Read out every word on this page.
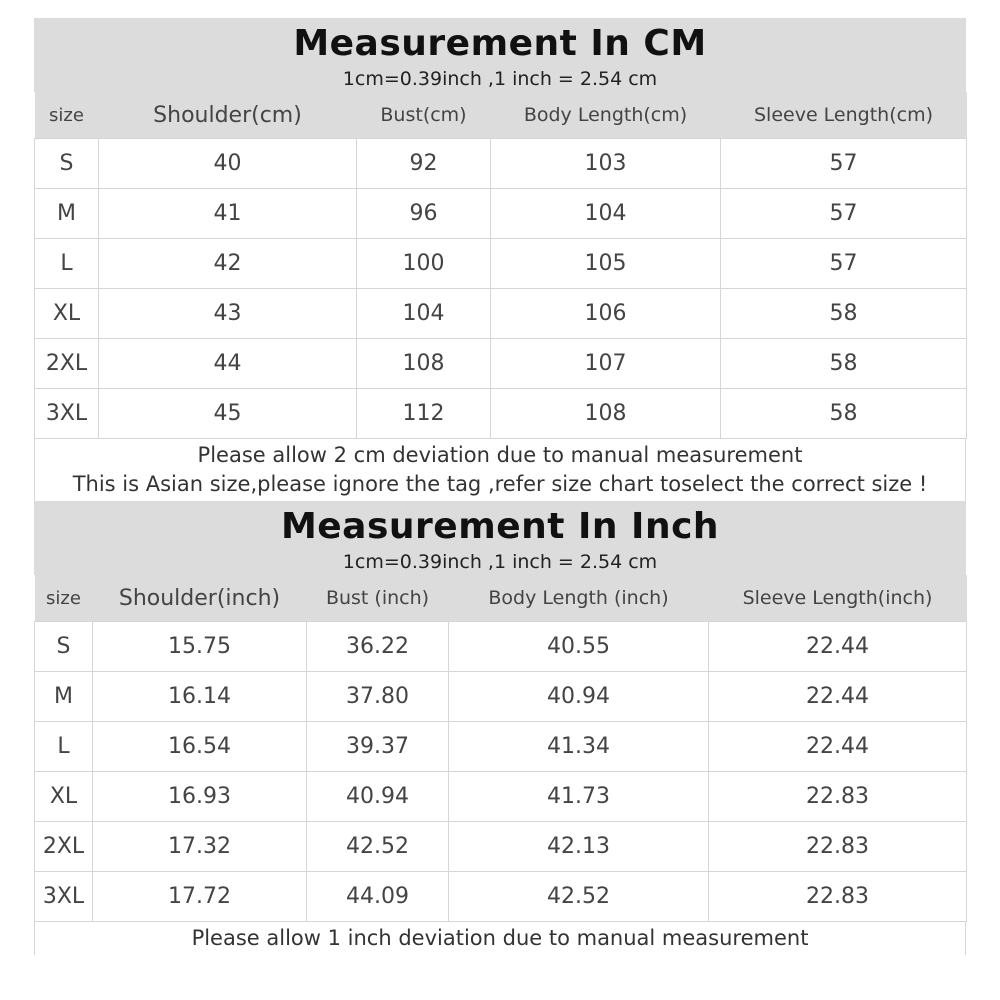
Measurement In CM
1cm=0.39inch ,1 inch = 2.54 cm
size	Shoulder(cm)	Bust(cm)	Body Length(cm)	Sleeve Length(cm)
S	40	92	103	57
M	41	96	104	57
L	42	100	105	57
XL	43	104	106	58
2XL	44	108	107	58
3XL	45	112	108	58
Please allow 2 cm deviation due to manual measurement
This is Asian size,please ignore the tag ,refer size chart toselect the correct size !
Measurement In Inch
1cm=0.39inch ,1 inch = 2.54 cm
size	Shoulder(inch)	Bust (inch)	Body Length (inch)	Sleeve Length(inch)
S	15.75	36.22	40.55	22.44
M	16.14	37.80	40.94	22.44
L	16.54	39.37	41.34	22.44
XL	16.93	40.94	41.73	22.83
2XL	17.32	42.52	42.13	22.83
3XL	17.72	44.09	42.52	22.83
Please allow 1 inch deviation due to manual measurement
